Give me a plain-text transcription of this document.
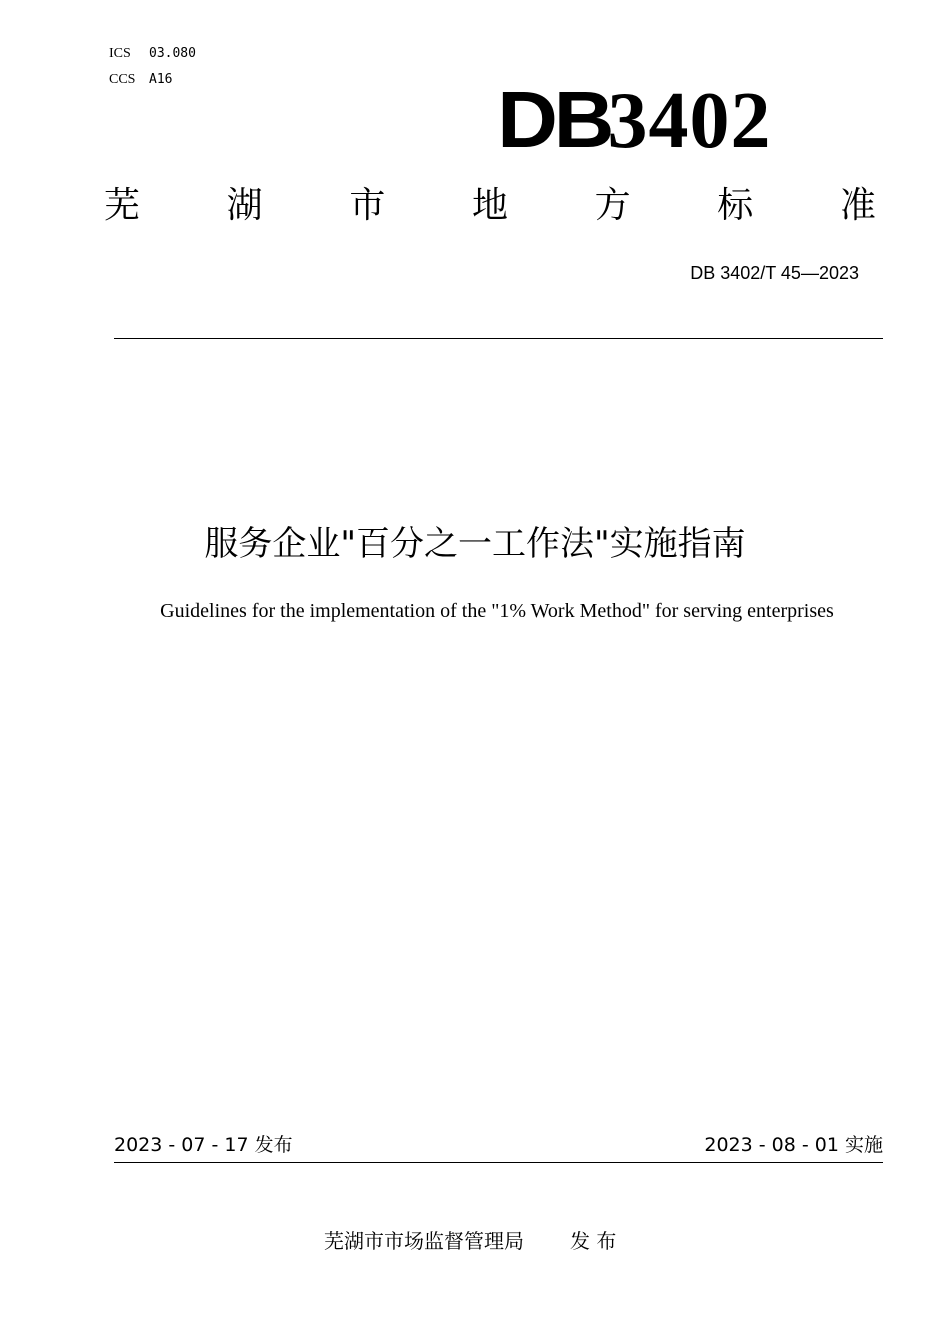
ICS 03.080
CCS A16	DB3402
芜 湖 市 地 方 标 准
DB 3402/T 45—2023
服务企业"百分之一工作法"实施指南
Guidelines for the implementation of the "1% Work Method" for serving enterprises
2023 - 07 - 17 发布	2023 - 08 - 01 实施
芜湖市市场监督管理局 发 布
